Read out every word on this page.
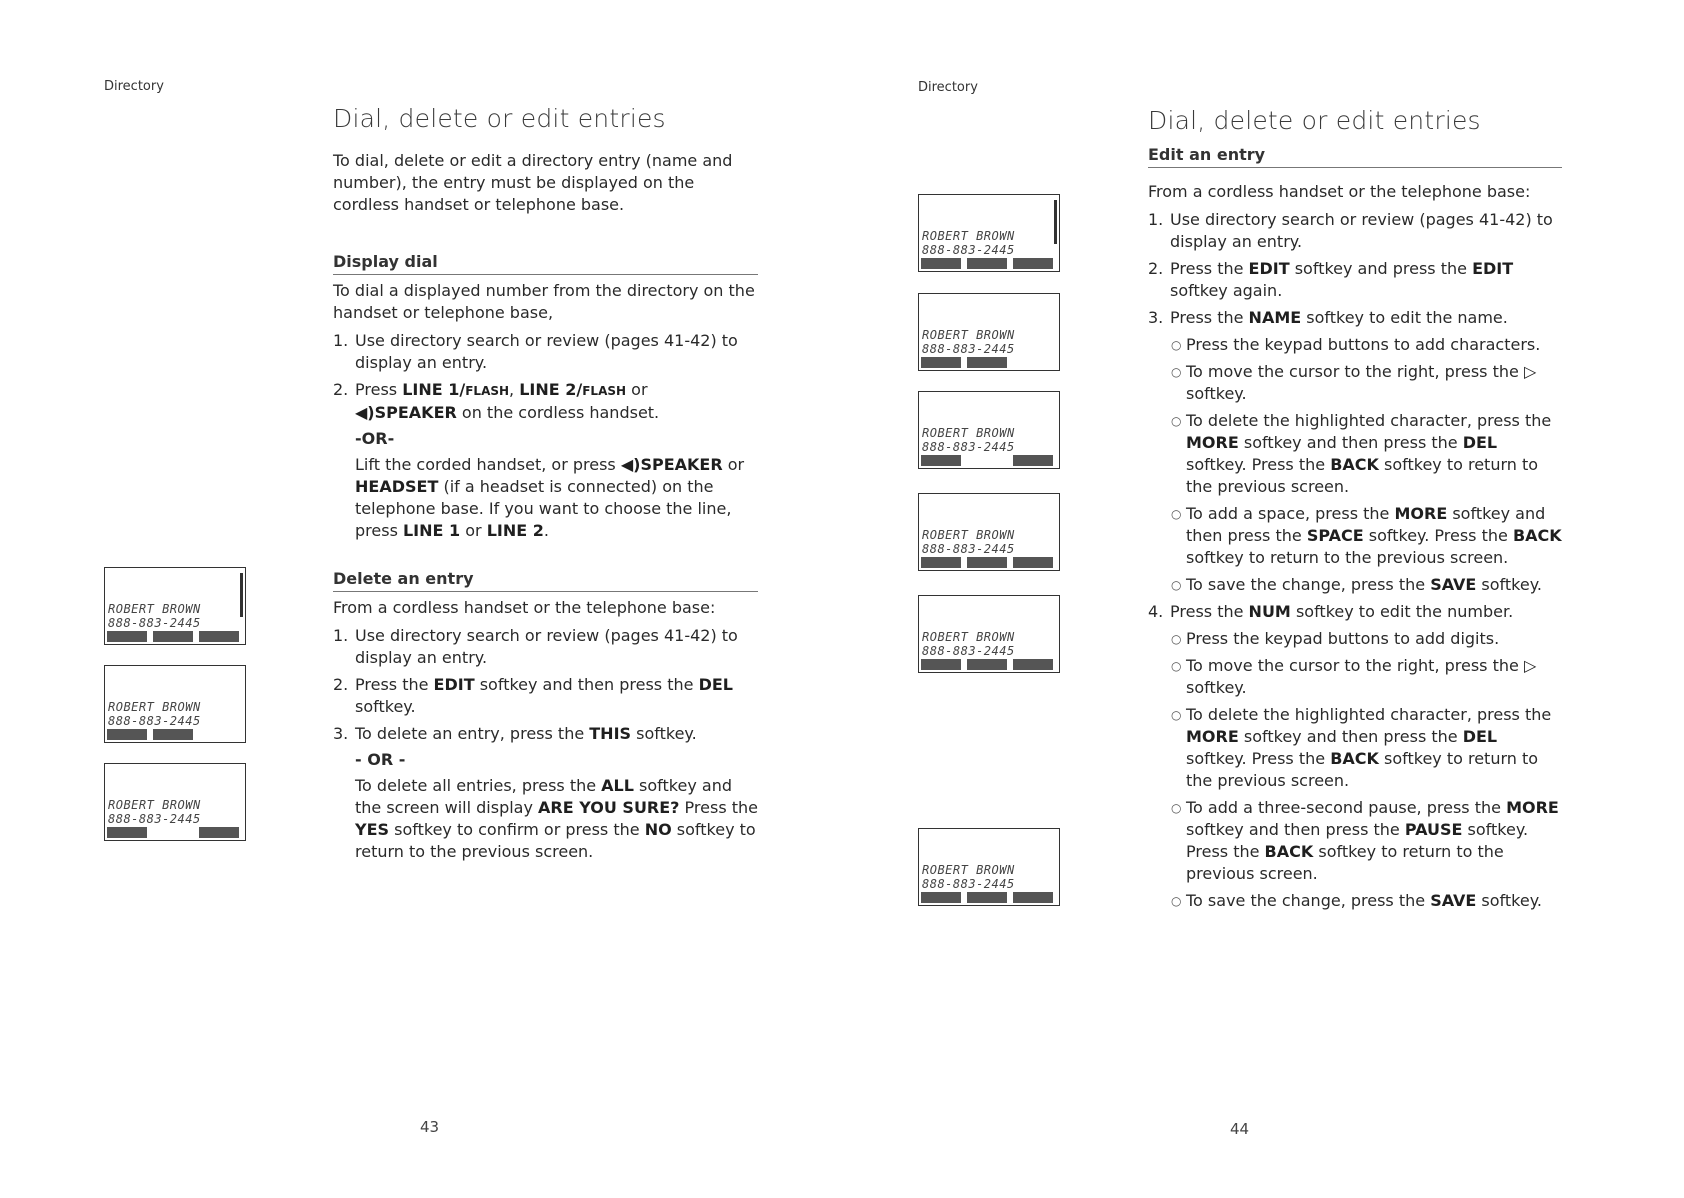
Directory
ROBERT BROWN
888-883-2445
ROBERT BROWN
888-883-2445
ROBERT BROWN
888-883-2445
Dial, delete or edit entries

To dial, delete or edit a directory entry (name and number), the entry must be displayed on the cordless handset or telephone base.

Display dial

To dial a displayed number from the directory on the handset or telephone base,

1. Use directory search or review (pages 41-42) to display an entry.
2. Press LINE 1/FLASH, LINE 2/FLASH or
◀)SPEAKER on the cordless handset.
-OR-
Lift the corded handset, or press ◀)SPEAKER or HEADSET (if a headset is connected) on the telephone base. If you want to choose the line, press LINE 1 or LINE 2.
Delete an entry

From a cordless handset or the telephone base:

1. Use directory search or review (pages 41-42) to display an entry.
2. Press the EDIT softkey and then press the DEL softkey.
3. To delete an entry, press the THIS softkey.
- OR -
To delete all entries, press the ALL softkey and the screen will display ARE YOU SURE? Press the YES softkey to confirm or press the NO softkey to return to the previous screen.
43
Directory
ROBERT BROWN
888-883-2445
ROBERT BROWN
888-883-2445
ROBERT BROWN
888-883-2445
ROBERT BROWN
888-883-2445
ROBERT BROWN
888-883-2445
ROBERT BROWN
888-883-2445
Dial, delete or edit entries
Edit an entry

From a cordless handset or the telephone base:

1. Use directory search or review (pages 41-42) to display an entry.
2. Press the EDIT softkey and press the EDIT softkey again.
3. Press the NAME softkey to edit the name.
○ Press the keypad buttons to add characters.
○ To move the cursor to the right, press the ▷ softkey.
○ To delete the highlighted character, press the MORE softkey and then press the DEL softkey. Press the BACK softkey to return to the previous screen.
○ To add a space, press the MORE softkey and then press the SPACE softkey. Press the BACK softkey to return to the previous screen.
○ To save the change, press the SAVE softkey.
4. Press the NUM softkey to edit the number.
○ Press the keypad buttons to add digits.
○ To move the cursor to the right, press the ▷ softkey.
○ To delete the highlighted character, press the MORE softkey and then press the DEL softkey. Press the BACK softkey to return to the previous screen.
○ To add a three-second pause, press the MORE softkey and then press the PAUSE softkey. Press the BACK softkey to return to the previous screen.
○ To save the change, press the SAVE softkey.
44
